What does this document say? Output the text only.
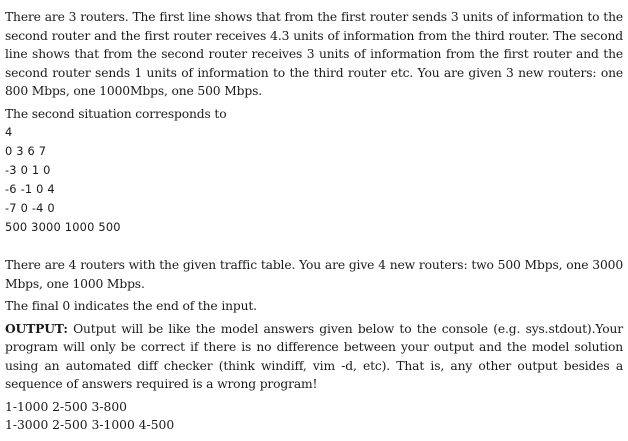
There are 3 routers. The first line shows that from the first router sends 3 units of information to the second router and the first router receives 4.3 units of information from the third router. The second line shows that from the second router receives 3 units of information from the first router and the second router sends 1 units of information to the third router etc. You are given 3 new routers: one 800 Mbps, one 1000Mbps, one 500 Mbps.

The second situation corresponds to

4

0 3 6 7

-3 0 1 0

-6 -1 0 4

-7 0 -4 0

500 3000 1000 500

There are 4 routers with the given traffic table. You are give 4 new routers: two 500 Mbps, one 3000 Mbps, one 1000 Mbps.

The final 0 indicates the end of the input.

OUTPUT: Output will be like the model answers given below to the console (e.g. sys.stdout).Your program will only be correct if there is no difference between your output and the model solution using an automated diff checker (think windiff, vim -d, etc). That is, any other output besides a sequence of answers required is a wrong program!

1-1000 2-500 3-800

1-3000 2-500 3-1000 4-500
